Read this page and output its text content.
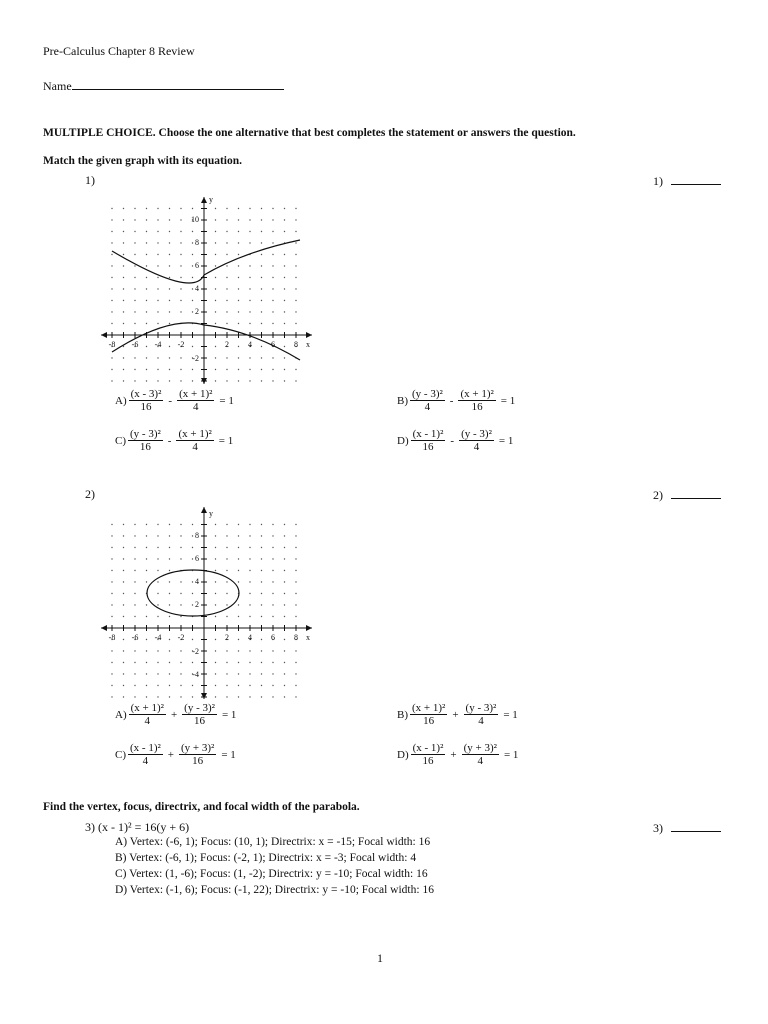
Pre-Calculus Chapter 8 Review
Name
MULTIPLE CHOICE. Choose the one alternative that best completes the statement or answers the question.
Match the given graph with its equation.
1)	1)
-8 -6 -4 -2	2 4 6 8 x
2
4
6
8
10
-2
y
$A) \frac{\text{(x - 3)²}}{16} - \frac{\text{(x + 1)²}}{4} = 1$	$B) \frac{\text{(y - 3)²}}{4} - \frac{\text{(x + 1)²}}{16} = 1$
$C) \frac{\text{(y - 3)²}}{16} - \frac{\text{(x + 1)²}}{4} = 1$	$D) \frac{\text{(x - 1)²}}{16} - \frac{\text{(y - 3)²}}{4} = 1$
2)	2)
-8 -6 -4 -2	2 4 6 8 x
2
4
6
8
-2
-4
y
$A) \frac{\text{(x + 1)²}}{4} + \frac{\text{(y - 3)²}}{16} = 1$	$B) \frac{\text{(x + 1)²}}{16} + \frac{\text{(y - 3)²}}{4} = 1$
$C) \frac{\text{(x - 1)²}}{4} + \frac{\text{(y + 3)²}}{16} = 1$	$D) \frac{\text{(x - 1)²}}{16} + \frac{\text{(y + 3)²}}{4} = 1$
Find the vertex, focus, directrix, and focal width of the parabola.
3) (x - 1)² = 16(y + 6)	3)
A) Vertex: (-6, 1); Focus: (10, 1); Directrix: x = -15; Focal width: 16
B) Vertex: (-6, 1); Focus: (-2, 1); Directrix: x = -3; Focal width: 4
C) Vertex: (1, -6); Focus: (1, -2); Directrix: y = -10; Focal width: 16
D) Vertex: (-1, 6); Focus: (-1, 22); Directrix: y = -10; Focal width: 16
1
